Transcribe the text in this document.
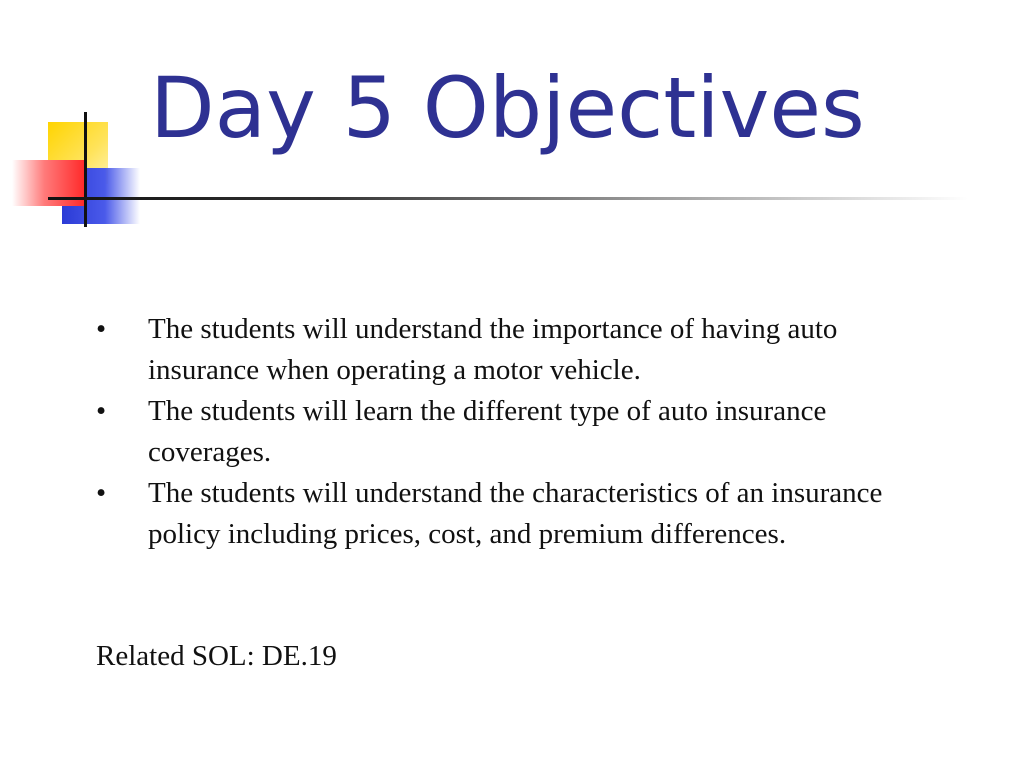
Day 5 Objectives
•	The students will understand the importance of having auto insurance when operating a motor vehicle.
•	The students will learn the different type of auto insurance coverages.
•	The students will understand the characteristics of an insurance policy including prices, cost, and premium differences.

Related SOL: DE.19
